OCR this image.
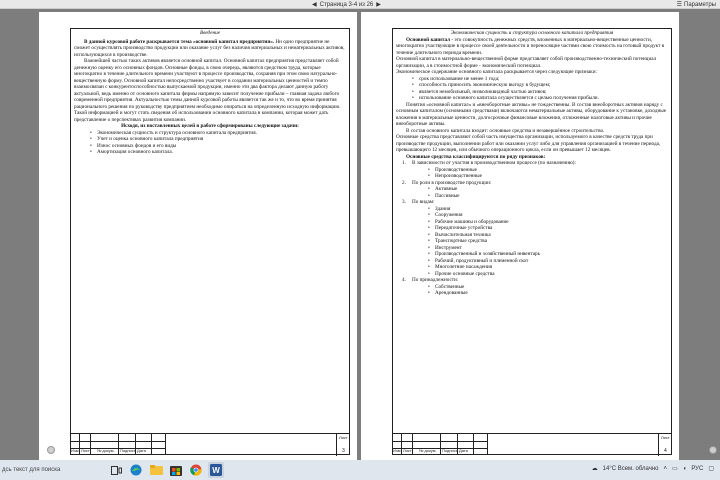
◀ Страница 3-4 из 26 ▶	☰ Параметры

Введение

В данной курсовой работе раскрывается тема «основной капитал предприятия». Ни одно предприятие не сможет осуществлять производство продукции или оказание услуг без наличия материальных и нематериальных активов, использующихся в производстве.

Важнейшей частью таких активов является основной капитал. Основной капитал предприятия представляет собой денежную оценку его основных фондов. Основные фонды, в свою очередь, являются средством труда, которые многократно в течение длительного времени участвуют в процессе производства, сохраняя при этом свою натурально-вещественную форму. Основной капитал непосредственно участвует в создании материальных ценностей и темпо взаимосвязан с конкурентоспособностью выпускаемой продукции, именно эти два фактора делают данную работу актуальной, ведь именно от основного капитала фирмы напрямую зависит получение прибыли – главная задача любого современной предприятия. Актуальностью темы данной курсовой работы является так же и то, что во время принятия рационального решения по руководству предприятием необходимо опираться на определенную исходную информацию. Такой информацией и могут стать сведения об использовании основного капитала в компании, которая может дать представление о перспективах развития компании.

Исходя, из поставленных целей в работе сформированы следующие задачи:

• Экономическая сущность и структура основного капитала предприятия.
• Учет и оценка основного капитала предприятия
• Износ основных фондов и его виды
• Амортизация основного капитала.
Изм Лист № докум. Подпись Дата
Лист
3

Экономическая сущность и структура основного капитала предприятия

Основной капитал - это совокупность денежных средств, вложенных в материально-вещественные ценности, многократно участвующие в процессе своей деятельности и переносящие частями свою стоимость на готовый продукт в течение длительного периода времени.

Основной капитал в материально-вещественной форме представляет собой производственно-технический потенциал организации, а в стоимостной форме - экономический потенциал.

Экономическое содержание основного капитала раскрывается через следующие признаки:

• срок использование не менее 1 года;
• способность приносить экономическую выгоду в будущем;
• является немобильный, низколиквидный частью активов;
• использование основного капитала осуществляется с целью получения прибыли.

Понятия «основной капитал» и «внеоборотные активы» не тождественны. В состав внеоборотных активов наряду с основным капиталом (основными средствами) включаются нематериальные активы, оборудование к установке, доходные вложения в материальные ценности, долгосрочные финансовые вложения, отложенные налоговые активы и прочие внеоборотные активы.

В состав основного капитала входит: основные средства и незавершённое строительство.

Основные средства представляют собой часть имущества организации, используемого в качестве средств труда при производстве продукции, выполнении работ или оказании услуг либо для управления организацией в течение периода, превышающего 12 месяцев, или обычного операционного цикла, если он превышает 12 месяцев.

Основные средства классифицируются по ряду признаков:

1.	В зависимости от участия в производственном процессе (по назначению):
• Производственные
• Непроизводственные
2.	По роли в производстве продукции:
• Активные
• Пассивные
3.	По видам:
• Здания
• Сооружения
• Рабочие машины и оборудование
• Передаточные устройства
• Вычислительная техника
• Транспортные средства
• Инструмент
• Производственный и хозяйственный инвентарь
• Рабочий, продуктивный и племенной скот
• Многолетние насаждения
• Прочие основные средства
4.	По принадлежности:
• Собственные
• Арендованные
Изм Лист № докум. Подпись Дата
Лист
4
дсь текст для поиска	W	☁ 14°C Всем. облачно ˄ ▭ ◖ РУС ▢
